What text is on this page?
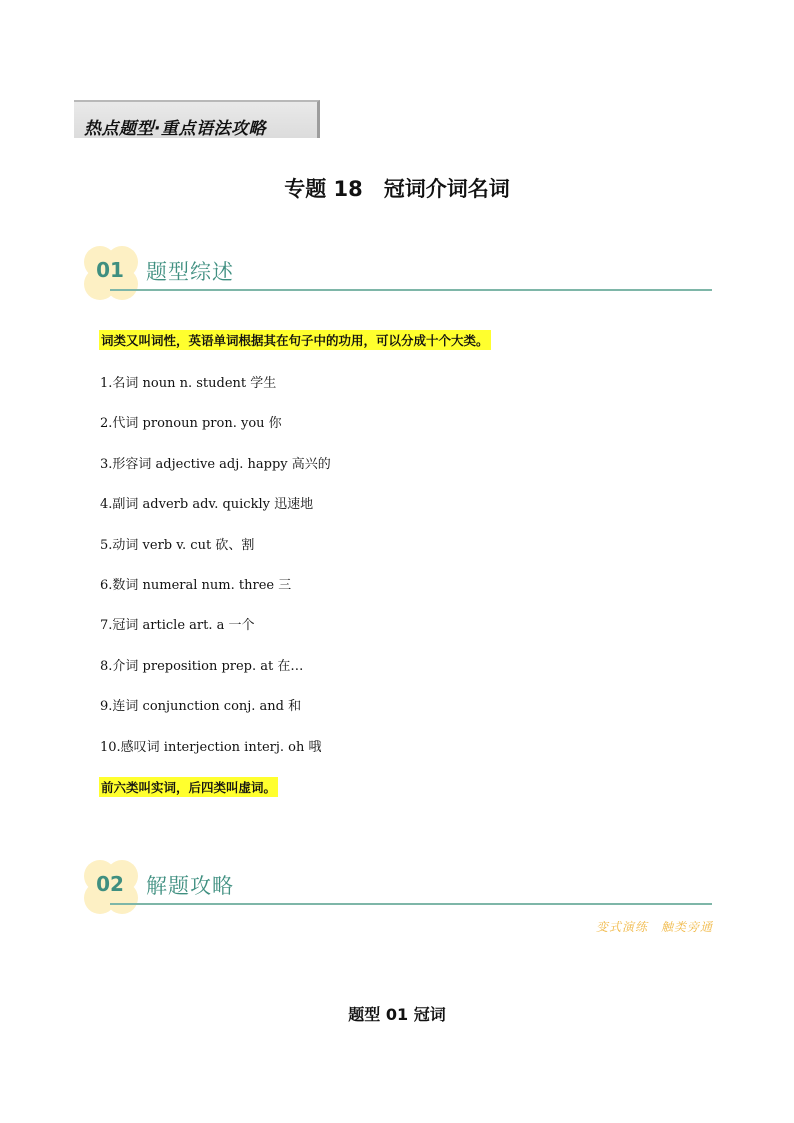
热点题型·重点语法攻略
专题 18　冠词介词名词
01	题型综述
词类又叫词性，英语单词根据其在句子中的功用，可以分成十个大类。
1.名词 noun n. student 学生
2.代词 pronoun pron. you 你
3.形容词 adjective adj. happy 高兴的
4.副词 adverb adv. quickly 迅速地
5.动词 verb v. cut 砍、割
6.数词 numeral num. three 三
7.冠词 article art. a 一个
8.介词 preposition prep. at 在…
9.连词 conjunction conj. and 和
10.感叹词 interjection interj. oh 哦
前六类叫实词，后四类叫虚词。
02	解题攻略
变式演练　触类旁通
题型 01 冠词
